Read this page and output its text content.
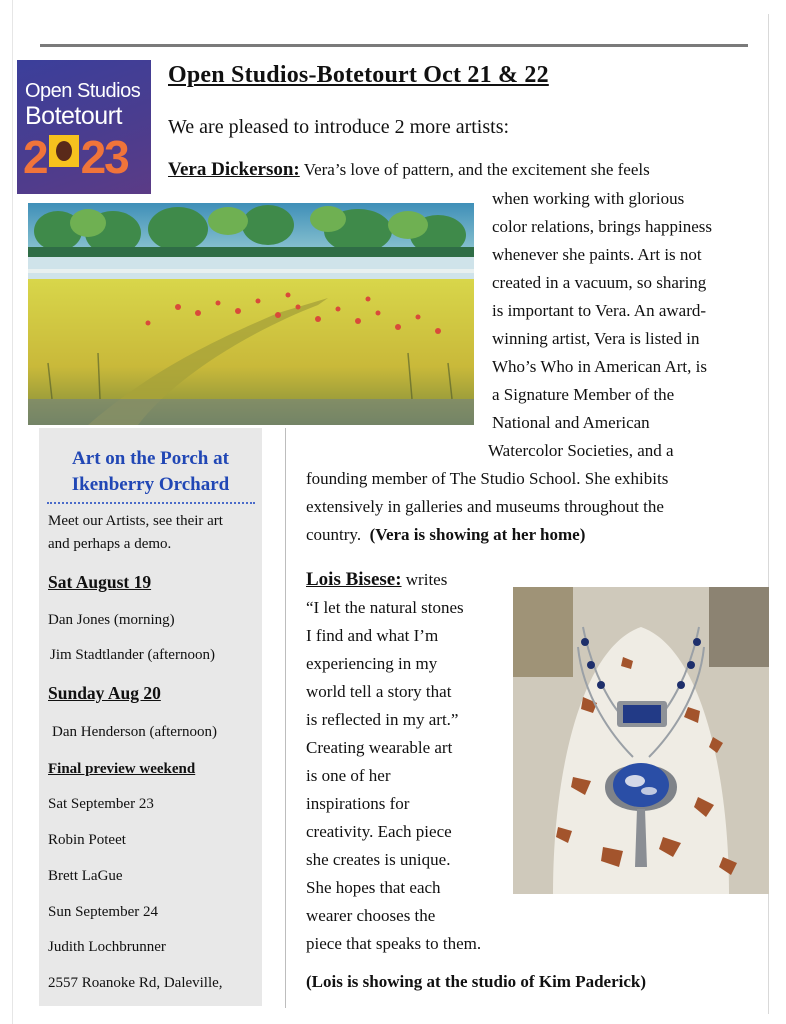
Open Studios
Botetourt
2 23
Open Studios-Botetourt Oct 21 & 22
We are pleased to introduce 2 more artists:
Vera Dickerson: Vera’s love of pattern, and the excitement she feels
when working with glorious
color relations, brings happiness
whenever she paints. Art is not
created in a vacuum, so sharing
is important to Vera. An award-
winning artist, Vera is listed in
Who’s Who in American Art, is
a Signature Member of the
National and American
Watercolor Societies, and a
founding member of The Studio School. She exhibits
extensively in galleries and museums throughout the
country. (Vera is showing at her home)
Art on the Porch at
Ikenberry Orchard
Meet our Artists, see their art
and perhaps a demo.
Sat August 19
Dan Jones (morning)
Jim Stadtlander (afternoon)
Sunday Aug 20
Dan Henderson (afternoon)
Final preview weekend
Sat September 23
Robin Poteet
Brett LaGue
Sun September 24
Judith Lochbrunner
2557 Roanoke Rd, Daleville,
Lois Bisese: writes
“I let the natural stones
I find and what I’m
experiencing in my
world tell a story that
is reflected in my art.”
Creating wearable art
is one of her
inspirations for
creativity. Each piece
she creates is unique.
She hopes that each
wearer chooses the
piece that speaks to them.
(Lois is showing at the studio of Kim Paderick)
